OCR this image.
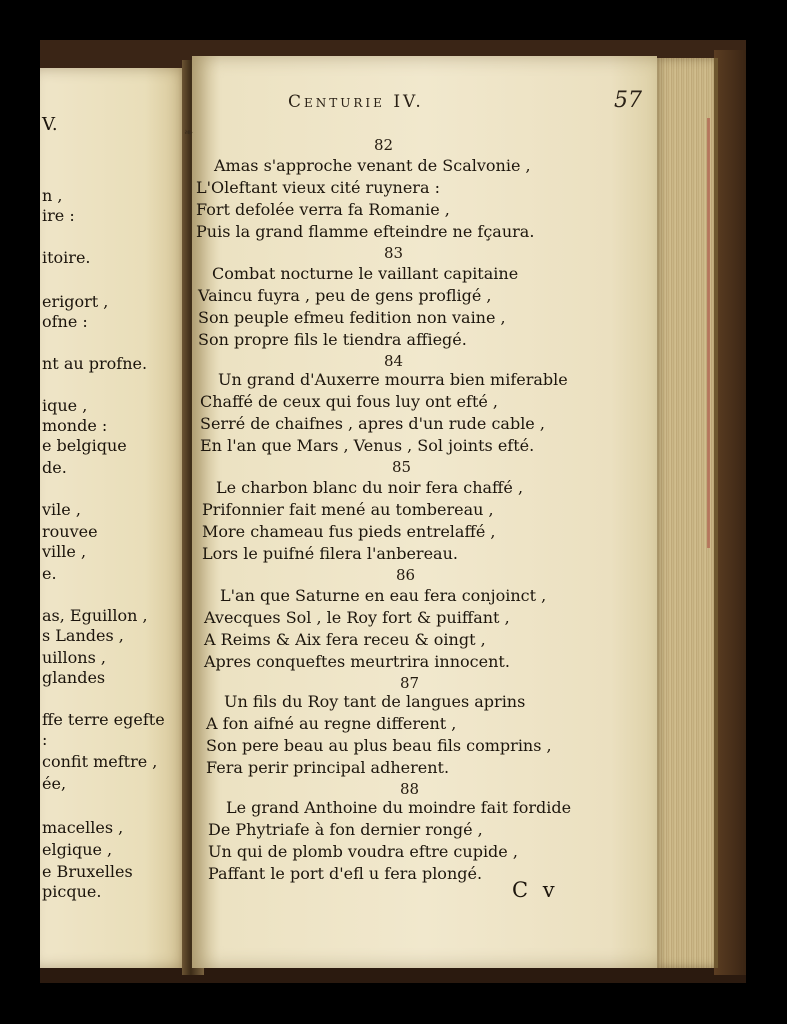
V.
n ,
ire :
itoire.
erigort ,
ofne :
nt au profne.
ique ,
monde :
e belgique
de.
vile ,
rouvee
ville ,
e.
as, Eguillon ,
s Landes ,
uillons ,
glandes
ffe terre egefte
:
confit meftre ,
ée,
macelles ,
elgique ,
e Bruxelles
picque.
❧
Centurie IV.	57
82
Amas s'approche venant de Scalvonie ,
L'Oleftant vieux cité ruynera :
Fort defolée verra fa Romanie ,
Puis la grand flamme efteindre ne fçaura.
83
Combat nocturne le vaillant capitaine
Vaincu fuyra , peu de gens profligé ,
Son peuple efmeu fedition non vaine ,
Son propre fils le tiendra affiegé.
84
Un grand d'Auxerre mourra bien miferable
Chaffé de ceux qui fous luy ont efté ,
Serré de chaifnes , apres d'un rude cable ,
En l'an que Mars , Venus , Sol joints efté.
85
Le charbon blanc du noir fera chaffé ,
Prifonnier fait mené au tombereau ,
More chameau fus pieds entrelaffé ,
Lors le puifné filera l'anbereau.
86
L'an que Saturne en eau fera conjoinct ,
Avecques Sol , le Roy fort & puiffant ,
A Reims & Aix fera receu & oingt ,
Apres conqueftes meurtrira innocent.
87
Un fils du Roy tant de langues aprins
A fon aifné au regne different ,
Son pere beau au plus beau fils comprins ,
Fera perir principal adherent.
88
Le grand Anthoine du moindre fait fordide
De Phytriafe à fon dernier rongé ,
Un qui de plomb voudra eftre cupide ,
Paffant le port d'efl u fera plongé.
C v
